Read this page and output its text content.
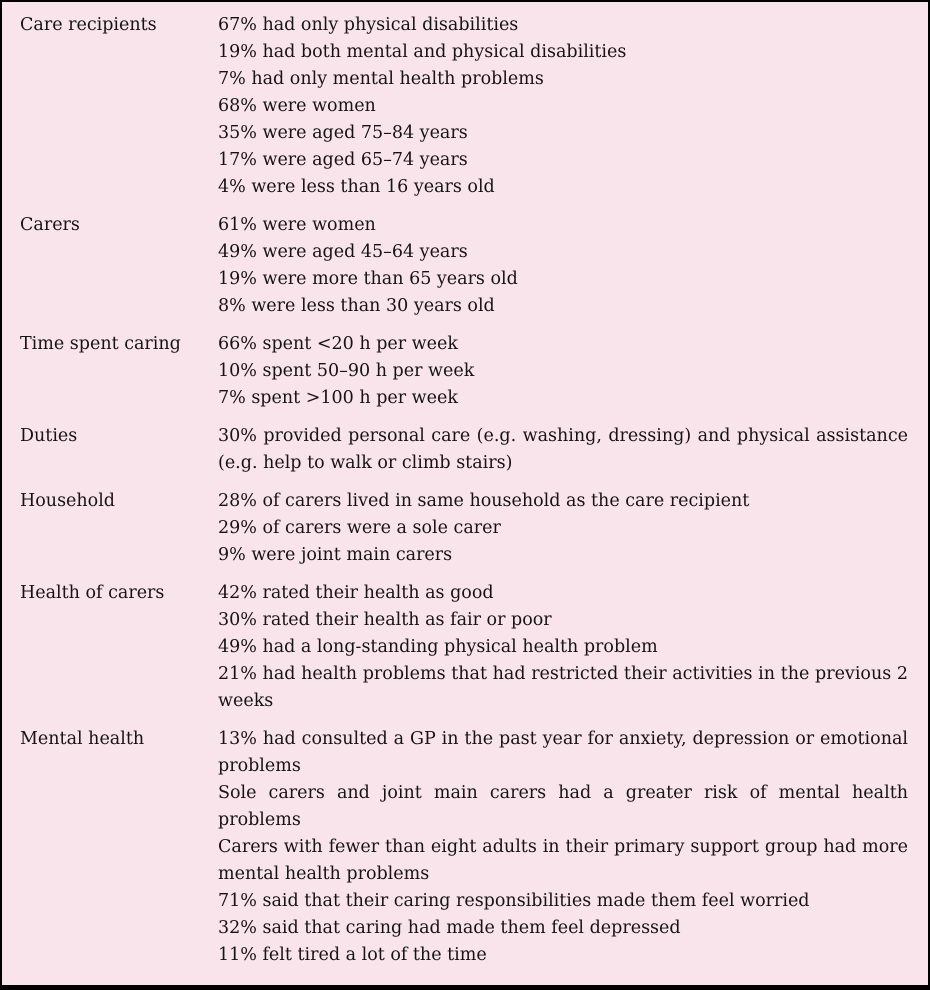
Care recipients	67% had only physical disabilities
19% had both mental and physical disabilities
7% had only mental health problems
68% were women
35% were aged 75–84 years
17% were aged 65–74 years
4% were less than 16 years old
Carers	61% were women
49% were aged 45–64 years
19% were more than 65 years old
8% were less than 30 years old
Time spent caring	66% spent <20 h per week
10% spent 50–90 h per week
7% spent >100 h per week
Duties	30% provided personal care (e.g. washing, dressing) and physical assistance (e.g. help to walk or climb stairs)
Household	28% of carers lived in same household as the care recipient
29% of carers were a sole carer
9% were joint main carers
Health of carers	42% rated their health as good
30% rated their health as fair or poor
49% had a long-standing physical health problem
21% had health problems that had restricted their activities in the previous 2 weeks
Mental health	13% had consulted a GP in the past year for anxiety, depression or emotional problems
Sole carers and joint main carers had a greater risk of mental health problems
Carers with fewer than eight adults in their primary support group had more mental health problems
71% said that their caring responsibilities made them feel worried
32% said that caring had made them feel depressed
11% felt tired a lot of the time
